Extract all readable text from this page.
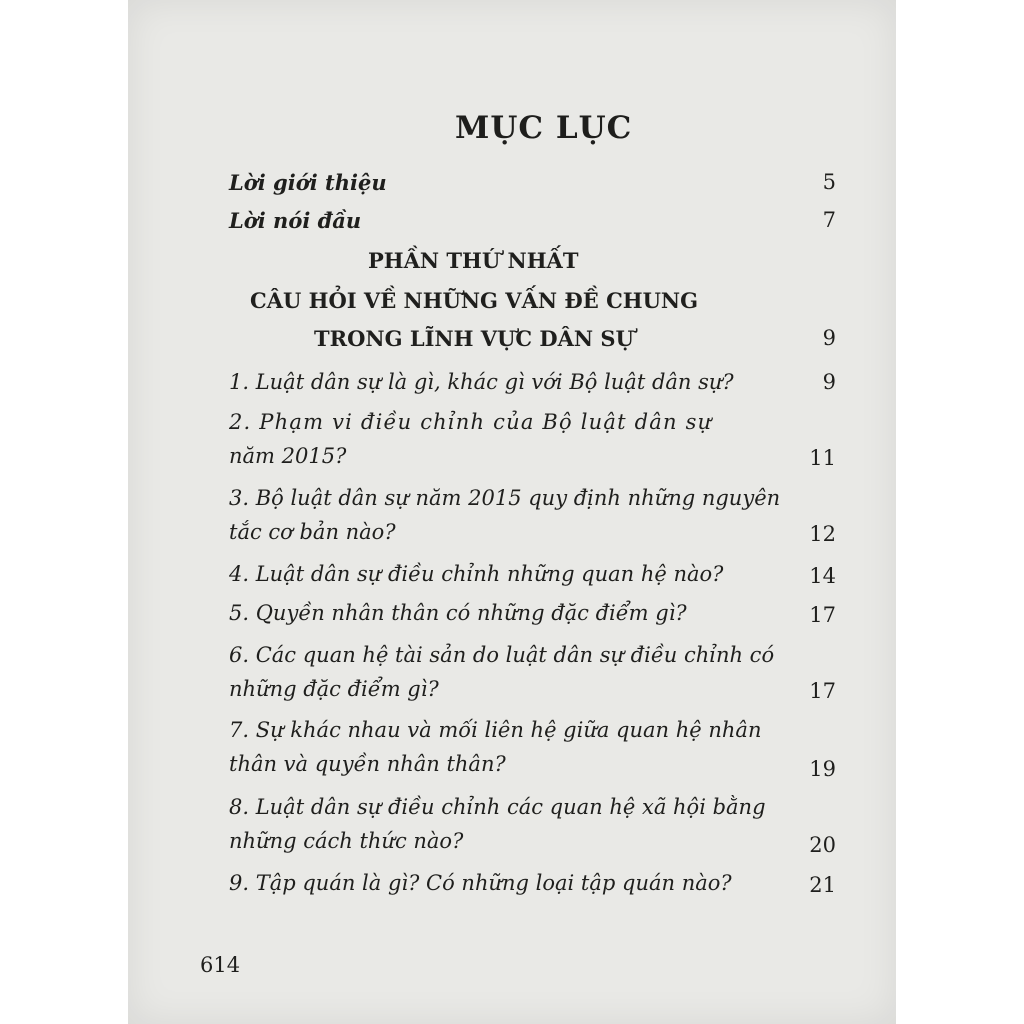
MỤC LỤC
Lời giới thiệu	5
Lời nói đầu	7
PHẦN THỨ NHẤT
CÂU HỎI VỀ NHỮNG VẤN ĐỀ CHUNG
TRONG LĨNH VỰC DÂN SỰ	9
1. Luật dân sự là gì, khác gì với Bộ luật dân sự?	9
2. Phạm vi điều chỉnh của Bộ luật dân sự
năm 2015?	11
3. Bộ luật dân sự năm 2015 quy định những nguyên
tắc cơ bản nào?	12
4. Luật dân sự điều chỉnh những quan hệ nào?	14
5. Quyền nhân thân có những đặc điểm gì?	17
6. Các quan hệ tài sản do luật dân sự điều chỉnh có
những đặc điểm gì?	17
7. Sự khác nhau và mối liên hệ giữa quan hệ nhân
thân và quyền nhân thân?	19
8. Luật dân sự điều chỉnh các quan hệ xã hội bằng
những cách thức nào?	20
9. Tập quán là gì? Có những loại tập quán nào?	21
614
